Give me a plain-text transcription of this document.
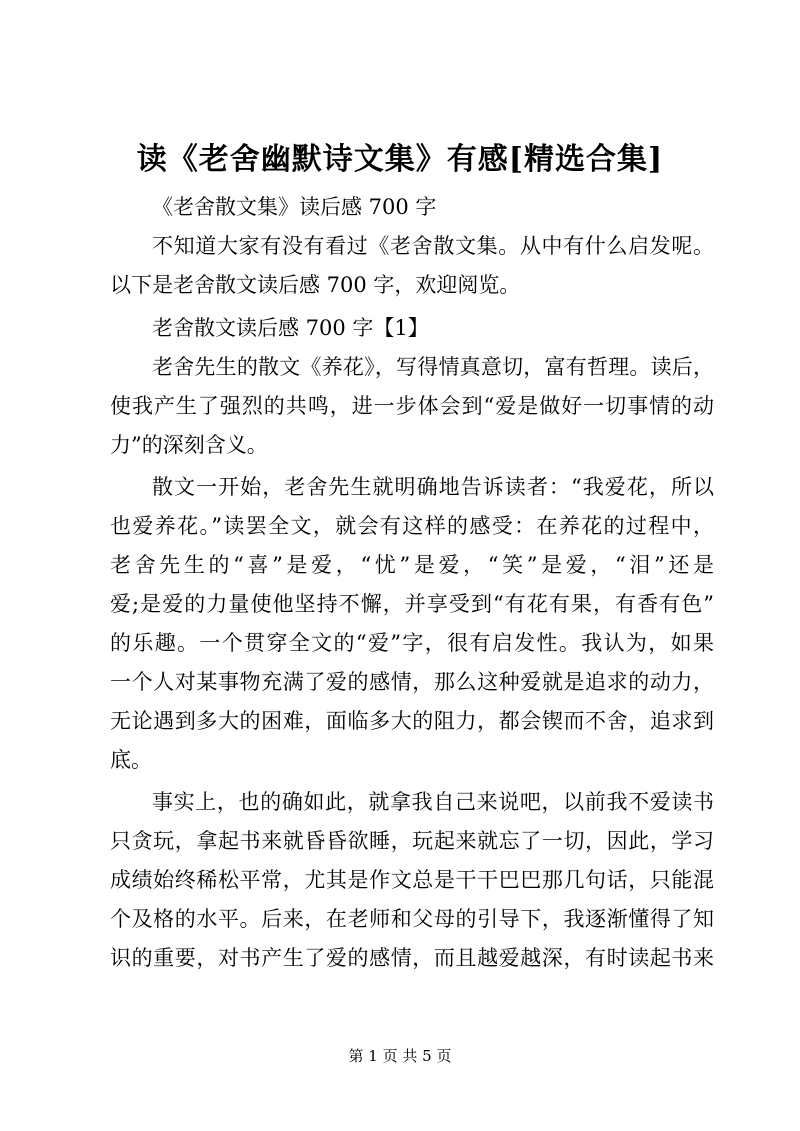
读《老舍幽默诗文集》有感[精选合集]

《老舍散文集》读后感 700 字

不知道大家有没有看过《老舍散文集。从中有什么启发呢。
以下是老舍散文读后感 700 字，欢迎阅览。

老舍散文读后感 700 字【1】

老舍先生的散文《养花》，写得情真意切，富有哲理。读后，
使我产生了强烈的共鸣，进一步体会到“爱是做好一切事情的动
力”的深刻含义。
散文一开始，老舍先生就明确地告诉读者：“我爱花，所以
也爱养花。”读罢全文，就会有这样的感受：在养花的过程中，
老舍先生的“喜”是爱，“忧”是爱，“笑”是爱，“泪”还是
爱;是爱的力量使他坚持不懈，并享受到“有花有果，有香有色”
的乐趣。一个贯穿全文的“爱”字，很有启发性。我认为，如果
一个人对某事物充满了爱的感情，那么这种爱就是追求的动力，
无论遇到多大的困难，面临多大的阻力，都会锲而不舍，追求到
底。
事实上，也的确如此，就拿我自己来说吧，以前我不爱读书
只贪玩，拿起书来就昏昏欲睡，玩起来就忘了一切，因此，学习
成绩始终稀松平常，尤其是作文总是干干巴巴那几句话，只能混
个及格的水平。后来，在老师和父母的引导下，我逐渐懂得了知
识的重要，对书产生了爱的感情，而且越爱越深，有时读起书来
第 1 页 共 5 页
